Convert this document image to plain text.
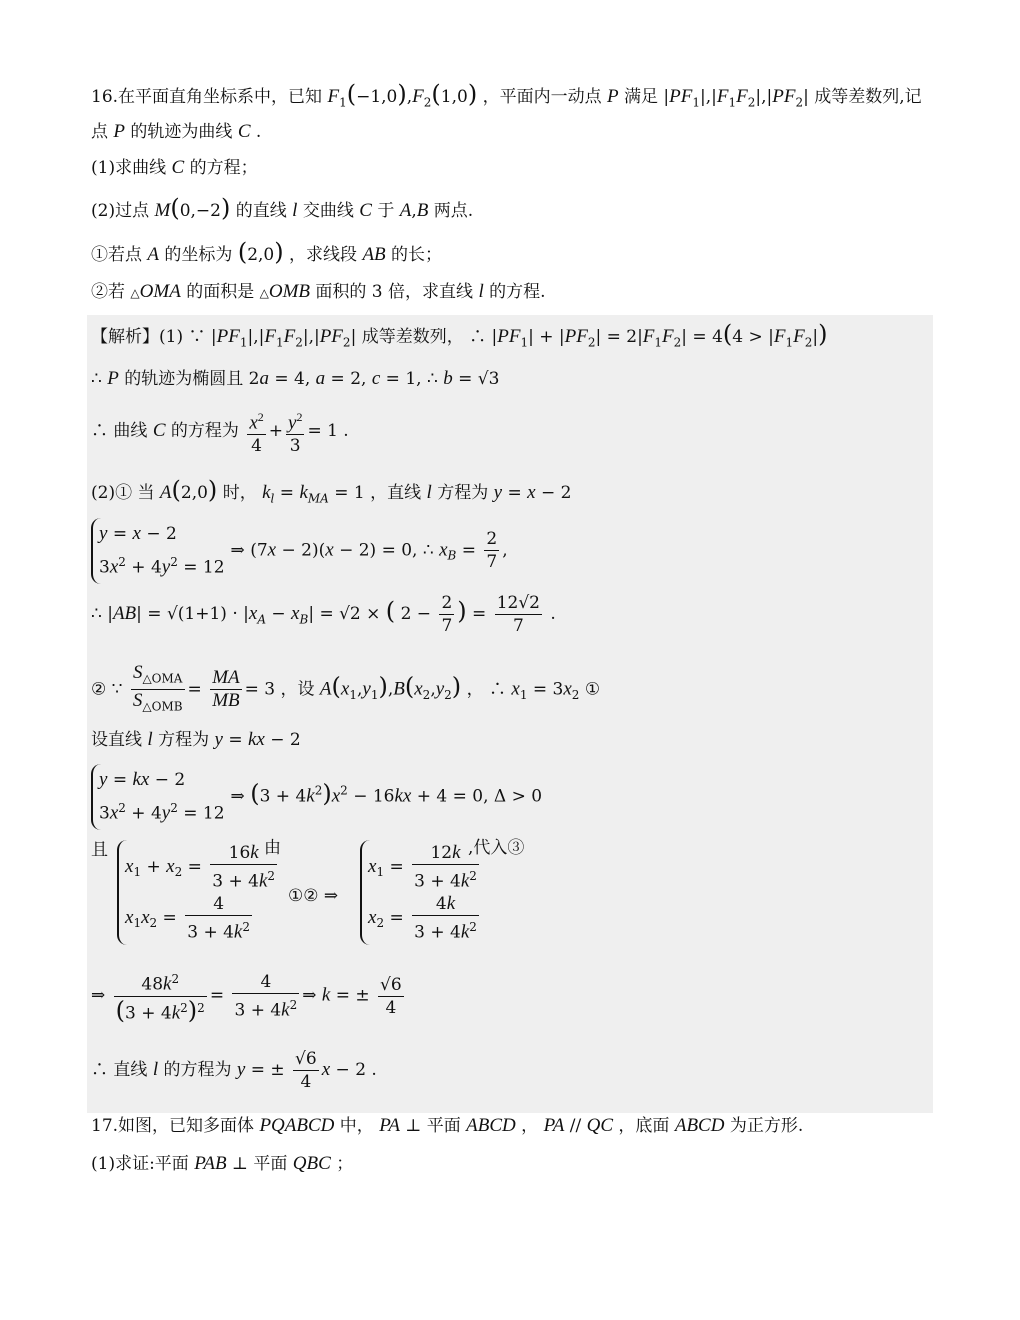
16.在平面直角坐标系中，已知 $F_1(-1,0),F_2(1,0)$ ，平面内一动点 P 满足 $|PF_1|,|F_1F_2|,|PF_2|$ 成等差数列,记
点 P 的轨迹为曲线 C .
(1)求曲线 C 的方程；
(2)过点 M(0,−2) 的直线 l 交曲线 C 于 A,B 两点.
①若点 A 的坐标为 (2,0) ，求线段 AB 的长；
②若 △OMA 的面积是 △OMB 面积的 3 倍，求直线 l 的方程.
【解析】(1) ∵ $|PF_1|,|F_1F_2|,|PF_2|$ 成等差数列， ∴ $|PF_1| + |PF_2| = 2|F_1F_2| = 4(4 > |F_1F_2|)$
∴ P 的轨迹为椭圆且 2a = 4, a = 2, c = 1, ∴ b = √3
∴ 曲线 C 的方程为 $\frac{x^2}{4} + \frac{y^2}{3} = 1$ .
(2)① 当 A(2,0) 时， $k_l = k_{MA} = 1$ ，直线 l 方程为 y = x − 2
y = x − 2
$3x^2 + 4y^2 = 12$
⇒ (7x − 2)(x − 2) = 0, ∴ $x_B = \frac{2}{7}$ ,
∴ $|AB| = √(1+1) \cdot |x_A - x_B| = √2$ × ( $2 - \frac{2}{7}$ ) = $\frac{12√2}{7}$ .
② ∵ $\frac{S_{\triangle OMA}}{S_{\triangle OMB}} = \frac{MA}{MB} = 3$ ，设 $A(x_1,y_1),B(x_2,y_2)$ ， ∴ $x_1 = 3x_2$ ①
设直线 l 方程为 y = kx − 2
y = kx − 2
$3x^2 + 4y^2 = 12$
⇒ $(3 + 4k^2)x^2 - 16kx + 4 = 0$, Δ > 0
且
$x_1 + x_2 = \frac{16k}{3 + 4k^2}$
$x_1x_2 = \frac{4}{3 + 4k^2}$
由
①② ⇒
$x_1 = \frac{12k}{3 + 4k^2}$
$x_2 = \frac{4k}{3 + 4k^2}$
,代入③
⇒ $\frac{48k^2}{(3 + 4k^2)^2} = \frac{4}{3 + 4k^2}$ ⇒ k = ± $\frac{√6}{4}$
∴ 直线 l 的方程为 y = ± $\frac{√6}{4}$ x − 2 .
17.如图，已知多面体 PQABCD 中， PA ⊥ 平面 ABCD ， PA // QC ，底面 ABCD 为正方形.
(1)求证:平面 PAB ⊥ 平面 QBC ；
